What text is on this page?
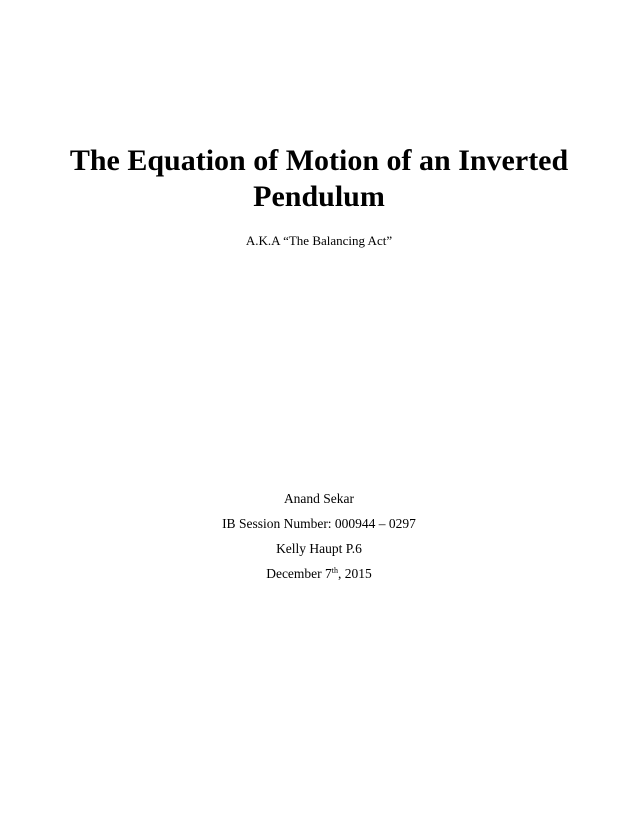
The Equation of Motion of an Inverted
Pendulum
A.K.A “The Balancing Act”
Anand Sekar
IB Session Number: 000944 – 0297
Kelly Haupt P.6
December 7th, 2015
